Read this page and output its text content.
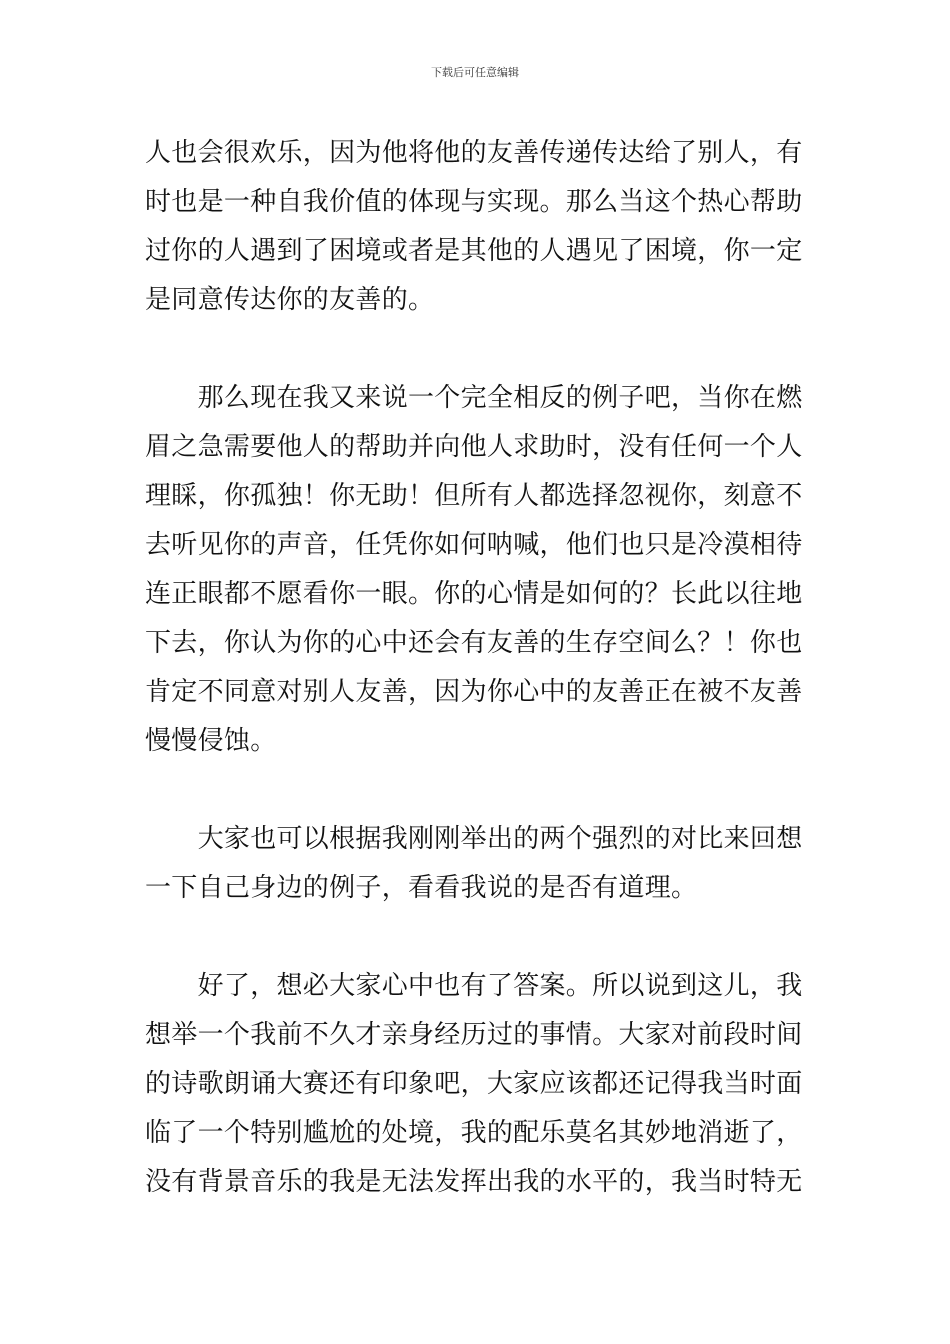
下载后可任意编辑

人也会很欢乐，因为他将他的友善传递传达给了别人，有
时也是一种自我价值的体现与实现。那么当这个热心帮助
过你的人遇到了困境或者是其他的人遇见了困境，你一定
是同意传达你的友善的。

　　那么现在我又来说一个完全相反的例子吧，当你在燃
眉之急需要他人的帮助并向他人求助时，没有任何一个人
理睬，你孤独！你无助！但所有人都选择忽视你，刻意不
去听见你的声音，任凭你如何呐喊，他们也只是冷漠相待
连正眼都不愿看你一眼。你的心情是如何的？长此以往地
下去，你认为你的心中还会有友善的生存空间么？！你也
肯定不同意对别人友善，因为你心中的友善正在被不友善
慢慢侵蚀。

　　大家也可以根据我刚刚举出的两个强烈的对比来回想
一下自己身边的例子，看看我说的是否有道理。

　　好了，想必大家心中也有了答案。所以说到这儿，我
想举一个我前不久才亲身经历过的事情。大家对前段时间
的诗歌朗诵大赛还有印象吧，大家应该都还记得我当时面
临了一个特别尴尬的处境，我的配乐莫名其妙地消逝了，
没有背景音乐的我是无法发挥出我的水平的，我当时特无
